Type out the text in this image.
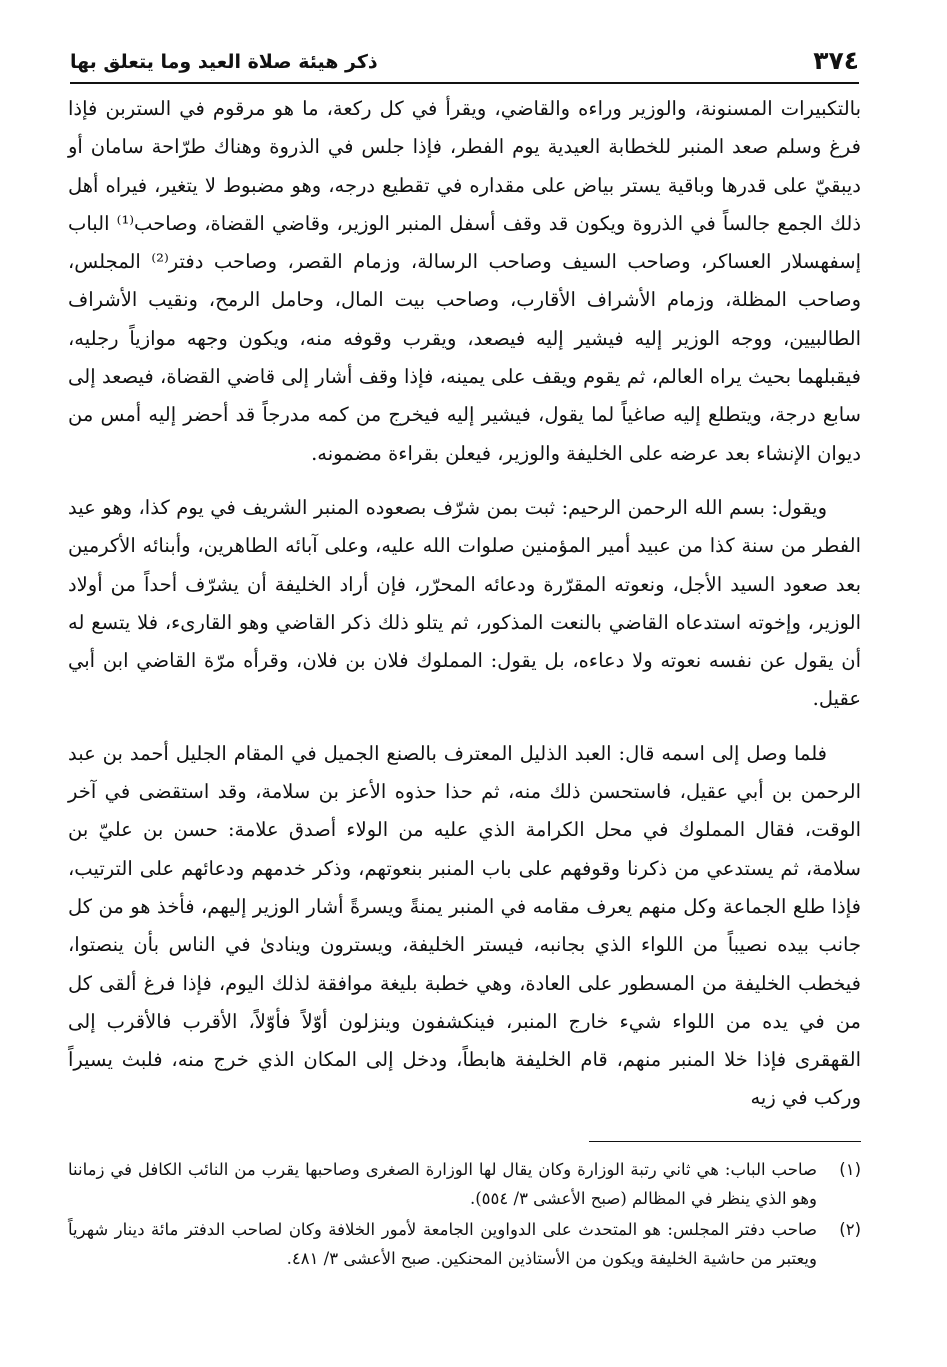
٣٧٤
ذكر هيئة صلاة العيد وما يتعلق بها

بالتكبيرات المسنونة، والوزير وراءه والقاضي، ويقرأ في كل ركعة، ما هو مرقوم في الستربن فإذا فرغ وسلم صعد المنبر للخطابة العيدية يوم الفطر، فإذا جلس في الذروة وهناك طرّاحة سامان أو ديبقيّ على قدرها وباقية يستر بياض على مقداره في تقطيع درجه، وهو مضبوط لا يتغير، فيراه أهل ذلك الجمع جالساً في الذروة ويكون قد وقف أسفل المنبر الوزير، وقاضي القضاة، وصاحب⁽¹⁾ الباب إسفهسلار العساكر، وصاحب السيف وصاحب الرسالة، وزمام القصر، وصاحب دفتر⁽²⁾ المجلس، وصاحب المظلة، وزمام الأشراف الأقارب، وصاحب بيت المال، وحامل الرمح، ونقيب الأشراف الطالبيين، ووجه الوزير إليه فيشير إليه فيصعد، ويقرب وقوفه منه، ويكون وجهه موازياً رجليه، فيقبلهما بحيث يراه العالم، ثم يقوم ويقف على يمينه، فإذا وقف أشار إلى قاضي القضاة، فيصعد إلى سابع درجة، ويتطلع إليه صاغياً لما يقول، فيشير إليه فيخرج من كمه مدرجاً قد أحضر إليه أمس من ديوان الإنشاء بعد عرضه على الخليفة والوزير، فيعلن بقراءة مضمونه.

ويقول: بسم الله الرحمن الرحيم: ثبت بمن شرّف بصعوده المنبر الشريف في يوم كذا، وهو عيد الفطر من سنة كذا من عبيد أمير المؤمنين صلوات الله عليه، وعلى آبائه الطاهرين، وأبنائه الأكرمين بعد صعود السيد الأجل، ونعوته المقرّرة ودعائه المحرّر، فإن أراد الخليفة أن يشرّف أحداً من أولاد الوزير، وإخوته استدعاه القاضي بالنعت المذكور، ثم يتلو ذلك ذكر القاضي وهو القارىء، فلا يتسع له أن يقول عن نفسه نعوته ولا دعاءه، بل يقول: المملوك فلان بن فلان، وقرأه مرّة القاضي ابن أبي عقيل.

فلما وصل إلى اسمه قال: العبد الذليل المعترف بالصنع الجميل في المقام الجليل أحمد بن عبد الرحمن بن أبي عقيل، فاستحسن ذلك منه، ثم حذا حذوه الأعز بن سلامة، وقد استقضى في آخر الوقت، فقال المملوك في محل الكرامة الذي عليه من الولاء أصدق علامة: حسن بن عليّ بن سلامة، ثم يستدعي من ذكرنا وقوفهم على باب المنبر بنعوتهم، وذكر خدمهم ودعائهم على الترتيب، فإذا طلع الجماعة وكل منهم يعرف مقامه في المنبر يمنةً ويسرةً أشار الوزير إليهم، فأخذ هو من كل جانب بيده نصيباً من اللواء الذي بجانبه، فيستر الخليفة، ويسترون وينادىٰ في الناس بأن ينصتوا، فيخطب الخليفة من المسطور على العادة، وهي خطبة بليغة موافقة لذلك اليوم، فإذا فرغ ألقى كل من في يده من اللواء شيء خارج المنبر، فينكشفون وينزلون أوّلاً فأوّلاً، الأقرب فالأقرب إلى القهقرى فإذا خلا المنبر منهم، قام الخليفة هابطاً، ودخل إلى المكان الذي خرج منه، فلبث يسيراً وركب في زيه

(١)
صاحب الباب: هي ثاني رتبة الوزارة وكان يقال لها الوزارة الصغرى وصاحبها يقرب من النائب الكافل في زماننا وهو الذي ينظر في المظالم (صبح الأعشى ٣/ ٥٥٤).
(٢)
صاحب دفتر المجلس: هو المتحدث على الدواوين الجامعة لأمور الخلافة وكان لصاحب الدفتر مائة دينار شهرياً ويعتبر من حاشية الخليفة ويكون من الأستاذين المحنكين. صبح الأعشى ٣/ ٤٨١.
